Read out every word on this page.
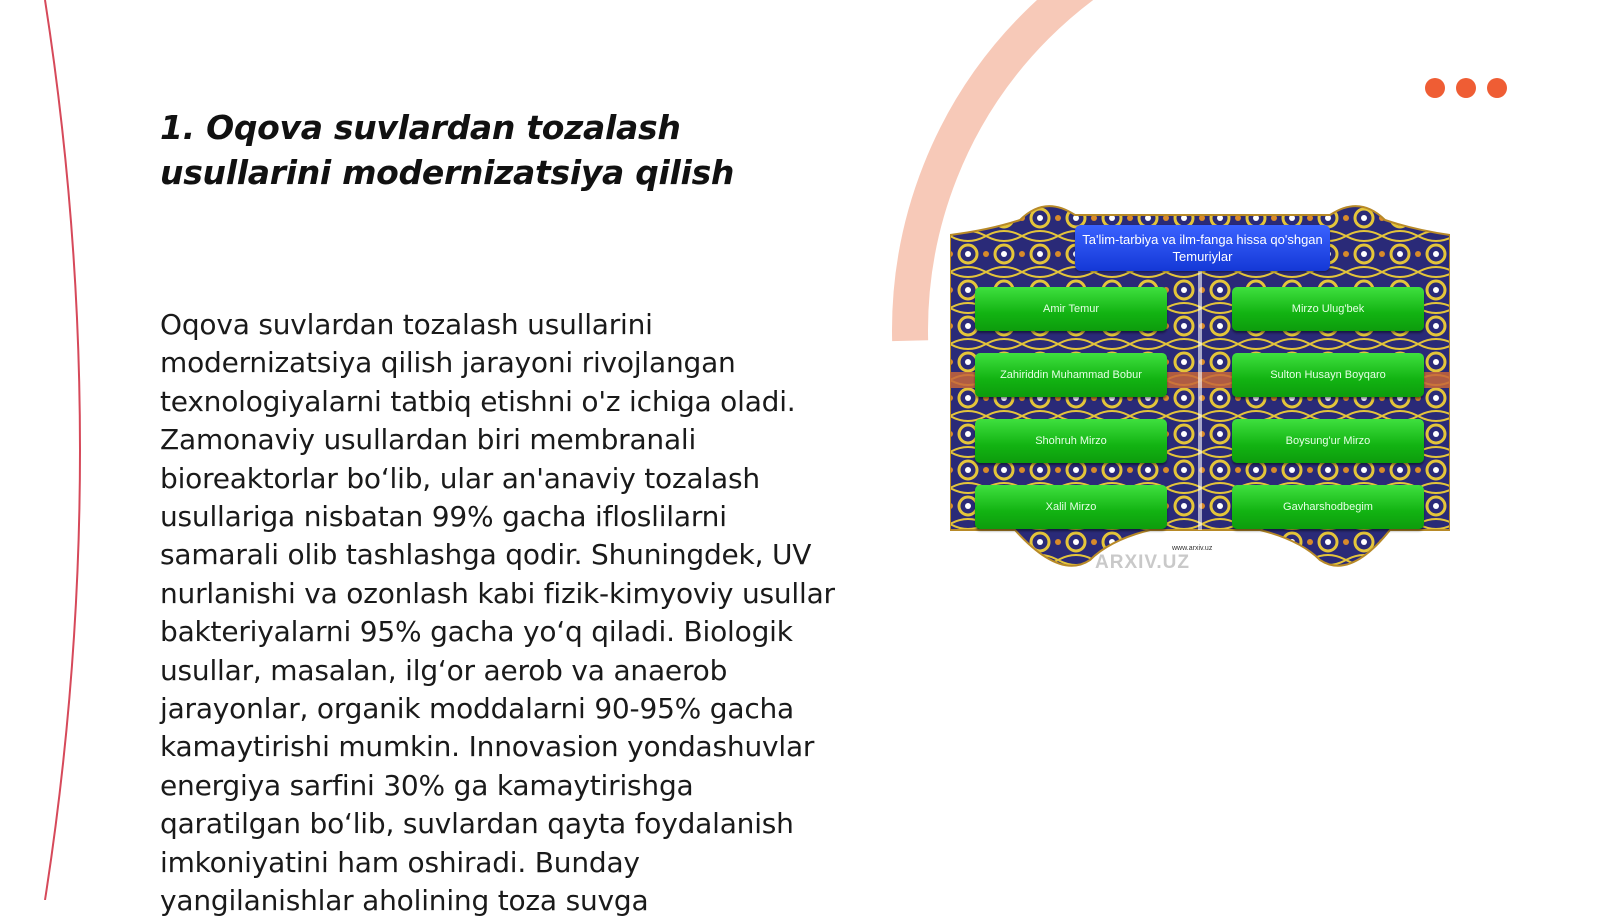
1. Oqova suvlardan tozalash usullarini modernizatsiya qilish

Oqova suvlardan tozalash usullarini modernizatsiya qilish jarayoni rivojlangan texnologiyalarni tatbiq etishni o'z ichiga oladi. Zamonaviy usullardan biri membranali bioreaktorlar bo‘lib, ular an'anaviy tozalash usullariga nisbatan 99% gacha ifloslilarni samarali olib tashlashga qodir. Shuningdek, UV nurlanishi va ozonlash kabi fizik-kimyoviy usullar bakteriyalarni 95% gacha yo‘q qiladi. Biologik usullar, masalan, ilg‘or aerob va anaerob jarayonlar, organik moddalarni 90-95% gacha kamaytirishi mumkin. Innovasion yondashuvlar energiya sarfini 30% ga kamaytirishga qaratilgan bo‘lib, suvlardan qayta foydalanish imkoniyatini ham oshiradi. Bunday yangilanishlar aholining toza suvga

Ta'lim-tarbiya va ilm-fanga hissa qo'shgan Temuriylar
Amir Temur	Mirzo Ulug'bek
Zahiriddin Muhammad Bobur	Sulton Husayn Boyqaro
Shohruh Mirzo	Boysung'ur Mirzo
Xalil Mirzo	Gavharshodbegim
www.arxiv.uz
ARXIV.UZ
